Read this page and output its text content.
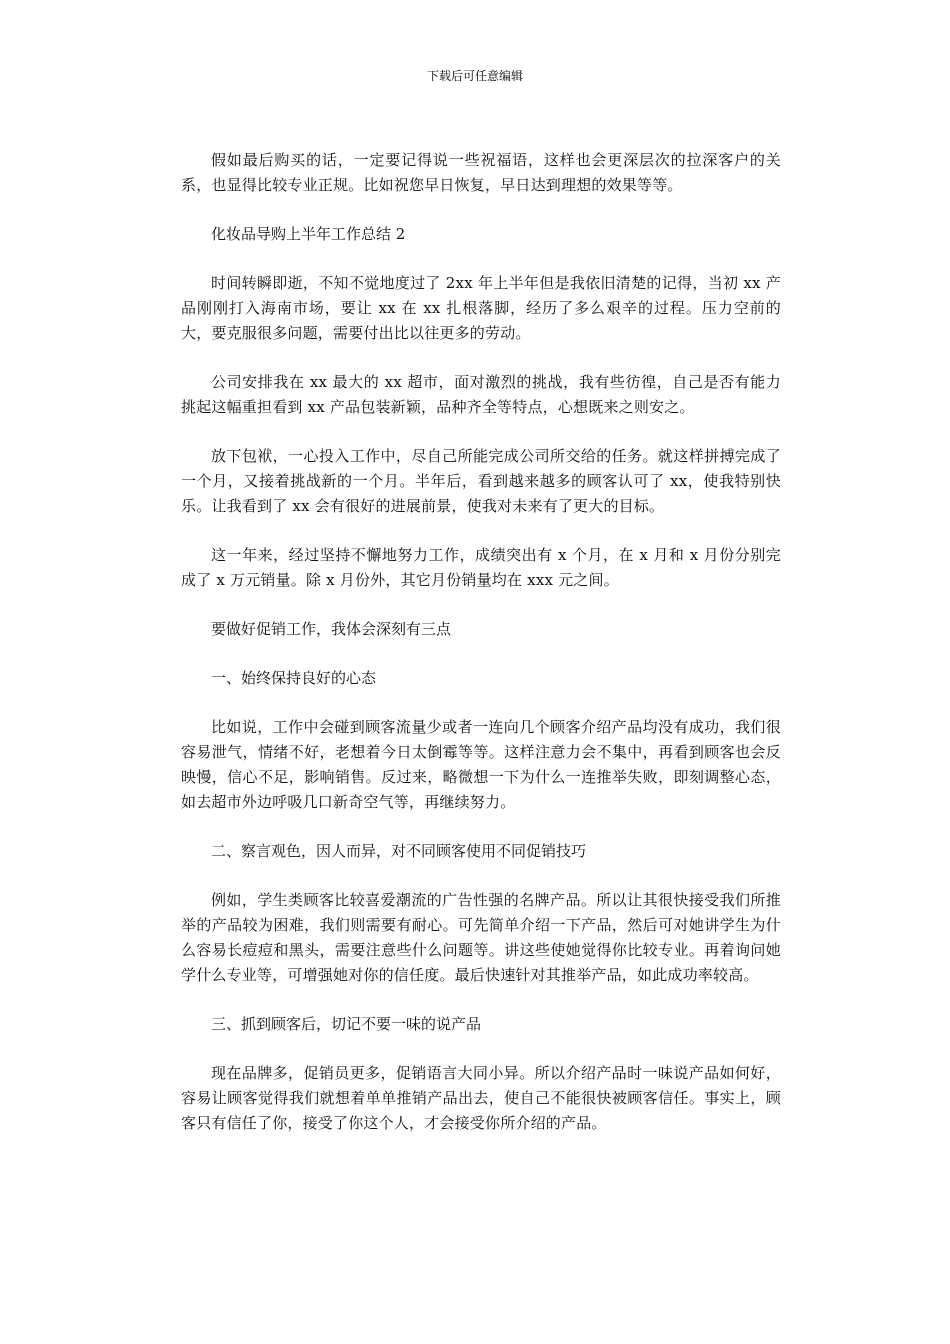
下载后可任意编辑

假如最后购买的话，一定要记得说一些祝福语，这样也会更深层次的拉深客户的关系，也显得比较专业正规。比如祝您早日恢复，早日达到理想的效果等等。

化妆品导购上半年工作总结 2

时间转瞬即逝，不知不觉地度过了 2xx 年上半年但是我依旧清楚的记得，当初 xx 产品刚刚打入海南市场，要让 xx 在 xx 扎根落脚，经历了多么艰辛的过程。压力空前的大，要克服很多问题，需要付出比以往更多的劳动。

公司安排我在 xx 最大的 xx 超市，面对激烈的挑战，我有些彷徨，自己是否有能力挑起这幅重担看到 xx 产品包装新颖，品种齐全等特点，心想既来之则安之。

放下包袱，一心投入工作中，尽自己所能完成公司所交给的任务。就这样拼搏完成了一个月，又接着挑战新的一个月。半年后，看到越来越多的顾客认可了 xx，使我特别快乐。让我看到了 xx 会有很好的进展前景，使我对未来有了更大的目标。

这一年来，经过坚持不懈地努力工作，成绩突出有 x 个月，在 x 月和 x 月份分别完成了 x 万元销量。除 x 月份外，其它月份销量均在 xxx 元之间。

要做好促销工作，我体会深刻有三点

一、始终保持良好的心态

比如说，工作中会碰到顾客流量少或者一连向几个顾客介绍产品均没有成功，我们很容易泄气，情绪不好，老想着今日太倒霉等等。这样注意力会不集中，再看到顾客也会反映慢，信心不足，影响销售。反过来，略微想一下为什么一连推举失败，即刻调整心态，如去超市外边呼吸几口新奇空气等，再继续努力。

二、察言观色，因人而异，对不同顾客使用不同促销技巧

例如，学生类顾客比较喜爱潮流的广告性强的名牌产品。所以让其很快接受我们所推举的产品较为困难，我们则需要有耐心。可先简单介绍一下产品，然后可对她讲学生为什么容易长痘痘和黑头，需要注意些什么问题等。讲这些使她觉得你比较专业。再着询问她学什么专业等，可增强她对你的信任度。最后快速针对其推举产品，如此成功率较高。

三、抓到顾客后，切记不要一味的说产品

现在品牌多，促销员更多，促销语言大同小异。所以介绍产品时一味说产品如何好，容易让顾客觉得我们就想着单单推销产品出去，使自己不能很快被顾客信任。事实上，顾客只有信任了你，接受了你这个人，才会接受你所介绍的产品。
